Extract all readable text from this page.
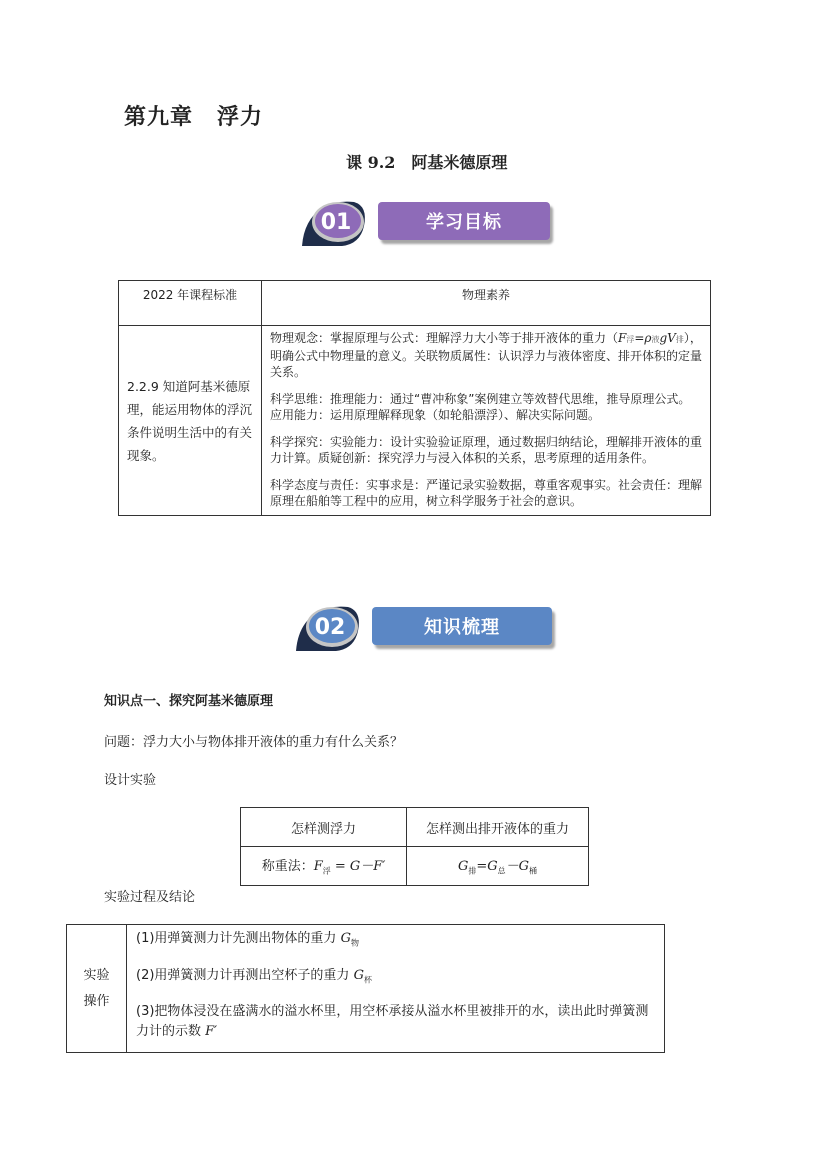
第九章 浮力
课 9.2　阿基米德原理
01	学习目标
2022 年课程标准	物理素养
2.2.9 知道阿基米德原理，能运用物体的浮沉条件说明生活中的有关现象。	物理观念：掌握原理与公式：理解浮力大小等于排开液体的重力（F浮=ρ液gV排），明确公式中物理量的意义。关联物质属性：认识浮力与液体密度、排开体积的定量关系。

科学思维：推理能力：通过“曹冲称象”案例建立等效替代思维，推导原理公式。应用能力：运用原理解释现象（如轮船漂浮）、解决实际问题。

科学探究：实验能力：设计实验验证原理，通过数据归纳结论，理解排开液体的重力计算。质疑创新：探究浮力与浸入体积的关系，思考原理的适用条件。

科学态度与责任：实事求是：严谨记录实验数据，尊重客观事实。社会责任：理解原理在船舶等工程中的应用，树立科学服务于社会的意识。

02	知识梳理
知识点一、探究阿基米德原理
问题：浮力大小与物体排开液体的重力有什么关系？
设计实验
怎样测浮力	怎样测出排开液体的重力
称重法：$F_浮 = G-F'$	$G_排=G_总-G_桶$
实验过程及结论
实验
操作	

(1)用弹簧测力计先测出物体的重力 $G_物$

(2)用弹簧测力计再测出空杯子的重力 $G_杯$

(3)把物体浸没在盛满水的溢水杯里，用空杯承接从溢水杯里被排开的水，读出此时弹簧测力计的示数 F′
